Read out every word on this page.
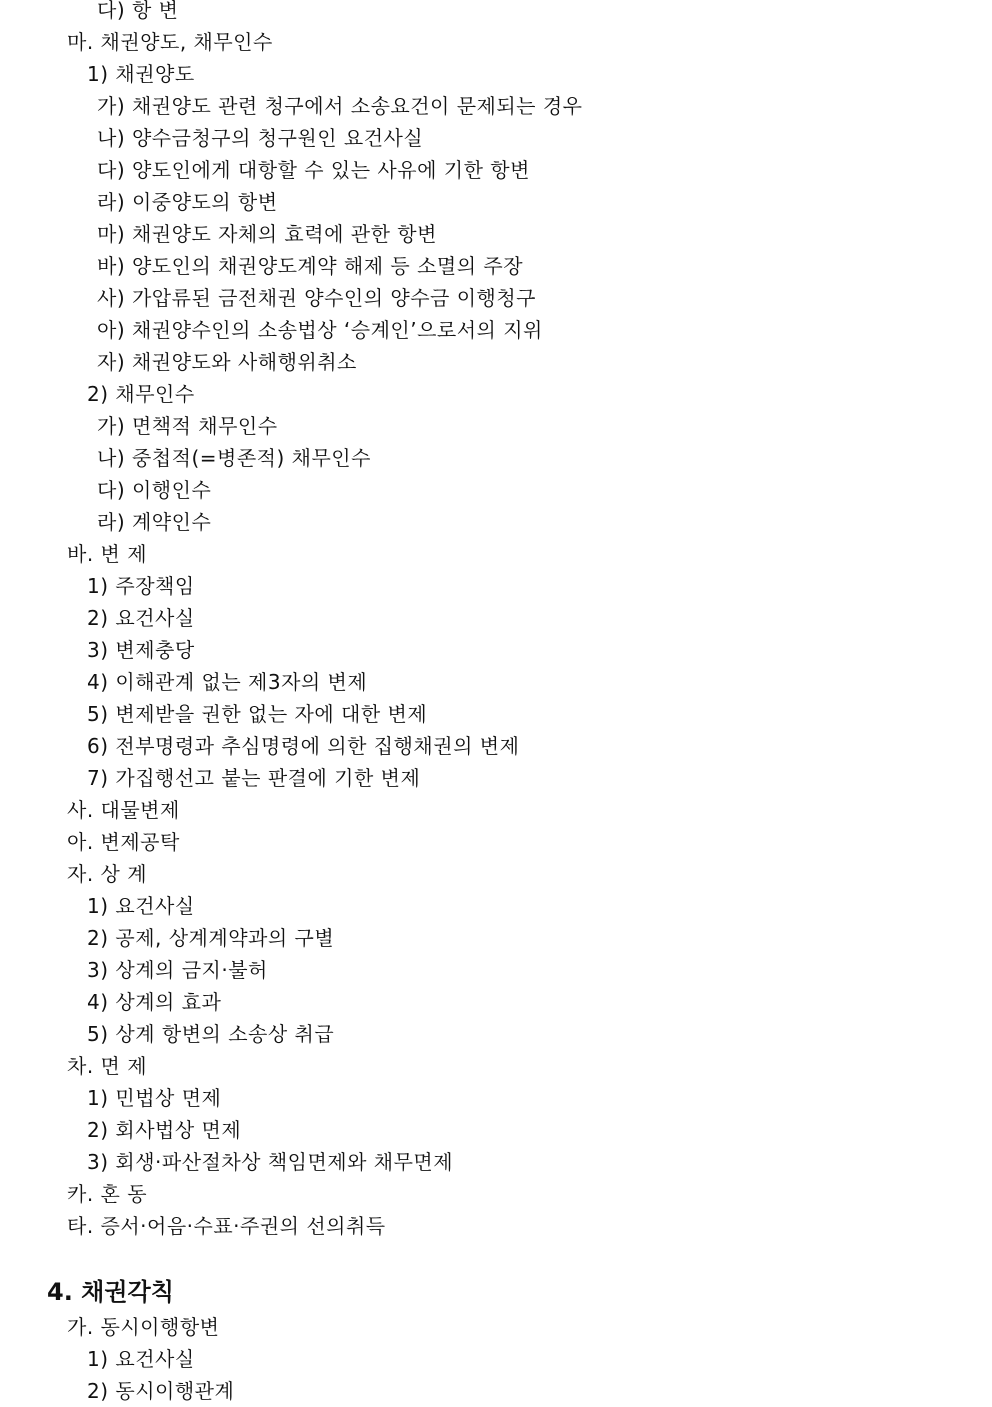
4. 채권각칙
다) 항 변
마. 채권양도, 채무인수
1) 채권양도
가) 채권양도 관련 청구에서 소송요건이 문제되는 경우
나) 양수금청구의 청구원인 요건사실
다) 양도인에게 대항할 수 있는 사유에 기한 항변
라) 이중양도의 항변
마) 채권양도 자체의 효력에 관한 항변
바) 양도인의 채권양도계약 해제 등 소멸의 주장
사) 가압류된 금전채권 양수인의 양수금 이행청구
아) 채권양수인의 소송법상 ‘승계인’으로서의 지위
자) 채권양도와 사해행위취소
2) 채무인수
가) 면책적 채무인수
나) 중첩적(=병존적) 채무인수
다) 이행인수
라) 계약인수
바. 변 제
1) 주장책임
2) 요건사실
3) 변제충당
4) 이해관계 없는 제3자의 변제
5) 변제받을 권한 없는 자에 대한 변제
6) 전부명령과 추심명령에 의한 집행채권의 변제
7) 가집행선고 붙는 판결에 기한 변제
사. 대물변제
아. 변제공탁
자. 상 계
1) 요건사실
2) 공제, 상계계약과의 구별
3) 상계의 금지·불허
4) 상계의 효과
5) 상계 항변의 소송상 취급
차. 면 제
1) 민법상 면제
2) 회사법상 면제
3) 회생·파산절차상 책임면제와 채무면제
카. 혼 동
타. 증서·어음·수표·주권의 선의취득
가. 동시이행항변
1) 요건사실
2) 동시이행관계
